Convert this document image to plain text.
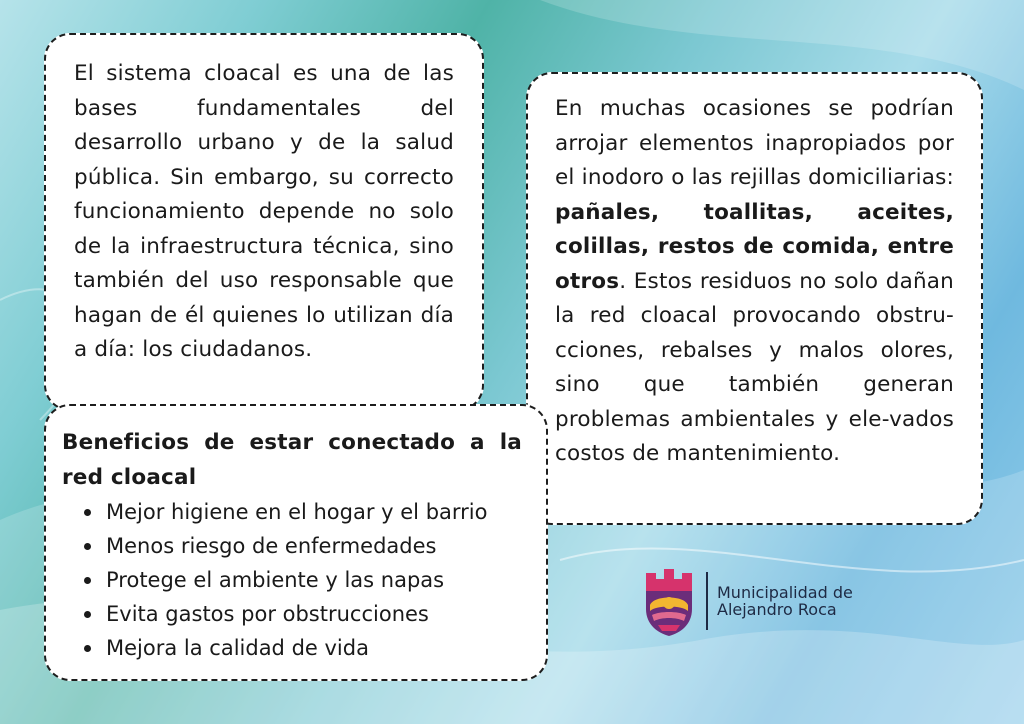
El sistema cloacal es una de las bases fundamentales del desarrollo urbano y de la salud pública. Sin embargo, su correcto funcionamiento depende no solo de la infraestructura técnica, sino también del uso responsable que hagan de él quienes lo utilizan día a día: los ciudadanos.

En muchas ocasiones se podrían arrojar elementos inapropiados por el inodoro o las rejillas domiciliarias: pañales, toallitas, aceites, colillas, restos de comida, entre otros. Estos residuos no solo dañan la red cloacal provocando obstru-cciones, rebalses y malos olores, sino que también generan problemas ambientales y ele-vados costos de mantenimiento.

Beneficios de estar conectado a la red cloacal

Mejor higiene en el hogar y el barrio
Menos riesgo de enfermedades
Protege el ambiente y las napas
Evita gastos por obstrucciones
Mejora la calidad de vida
Municipalidad de
Alejandro Roca
